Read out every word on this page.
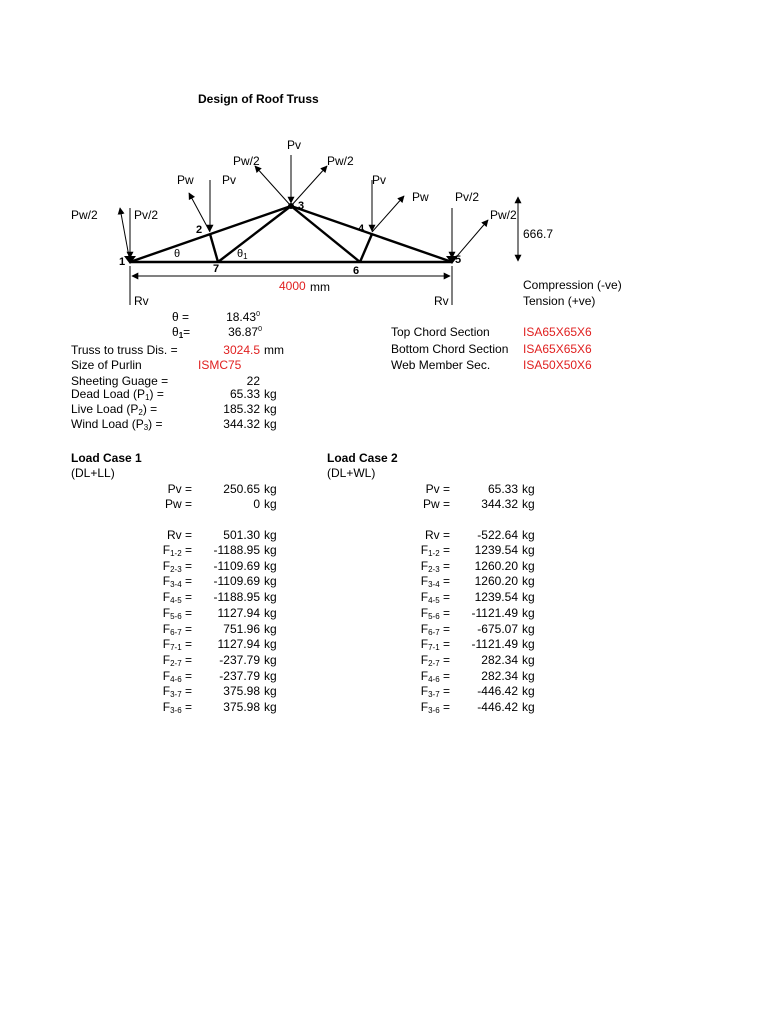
Design of Roof Truss
Pv
Pw/2	Pw/2
Pw Pv	Pv
Pw Pv/2
Pw/2	Pv/2	Pw/2
1
2
3
4
5
6
7
θ	θ1
666.7
4000 mm
Rv	Rv
Compression (-ve)
Tension (+ve)
θ =	$18.43^0$
$\theta_1=$	$36.87^0$
Truss to truss Dis. =	3024.5 mm
Size of Purlin	ISMC75
Sheeting Guage =	22
Top Chord Section	ISA65X65X6
Bottom Chord Section ISA65X65X6
Web Member Sec.	ISA50X50X6
Dead Load $(P_1)$ =	65.33 kg
Live Load $(P_2)$ =	185.32 kg
Wind Load $(P_3)$ =	344.32 kg
Load Case 1
(DL+LL)
Pv =	250.65 kg
Pw =	0 kg
Rv =	501.30 kg
$F_{1-2}$ =	-1188.95 kg
$F_{2-3}$ =	-1109.69 kg
$F_{3-4}$ =	-1109.69 kg
$F_{4-5}$ =	-1188.95 kg
$F_{5-6}$ =	1127.94 kg
$F_{6-7}$ =	751.96 kg
$F_{7-1}$ =	1127.94 kg
$F_{2-7}$ =	-237.79 kg
$F_{4-6}$ =	-237.79 kg
$F_{3-7}$ =	375.98 kg
$F_{3-6}$ =	375.98 kg
Load Case 2
(DL+WL)
Pv =	65.33 kg
Pw =	344.32 kg
Rv =	-522.64 kg
$F_{1-2}$ =	1239.54 kg
$F_{2-3}$ =	1260.20 kg
$F_{3-4}$ =	1260.20 kg
$F_{4-5}$ =	1239.54 kg
$F_{5-6}$ =	-1121.49 kg
$F_{6-7}$ =	-675.07 kg
$F_{7-1}$ =	-1121.49 kg
$F_{2-7}$ =	282.34 kg
$F_{4-6}$ =	282.34 kg
$F_{3-7}$ =	-446.42 kg
$F_{3-6}$ =	-446.42 kg
